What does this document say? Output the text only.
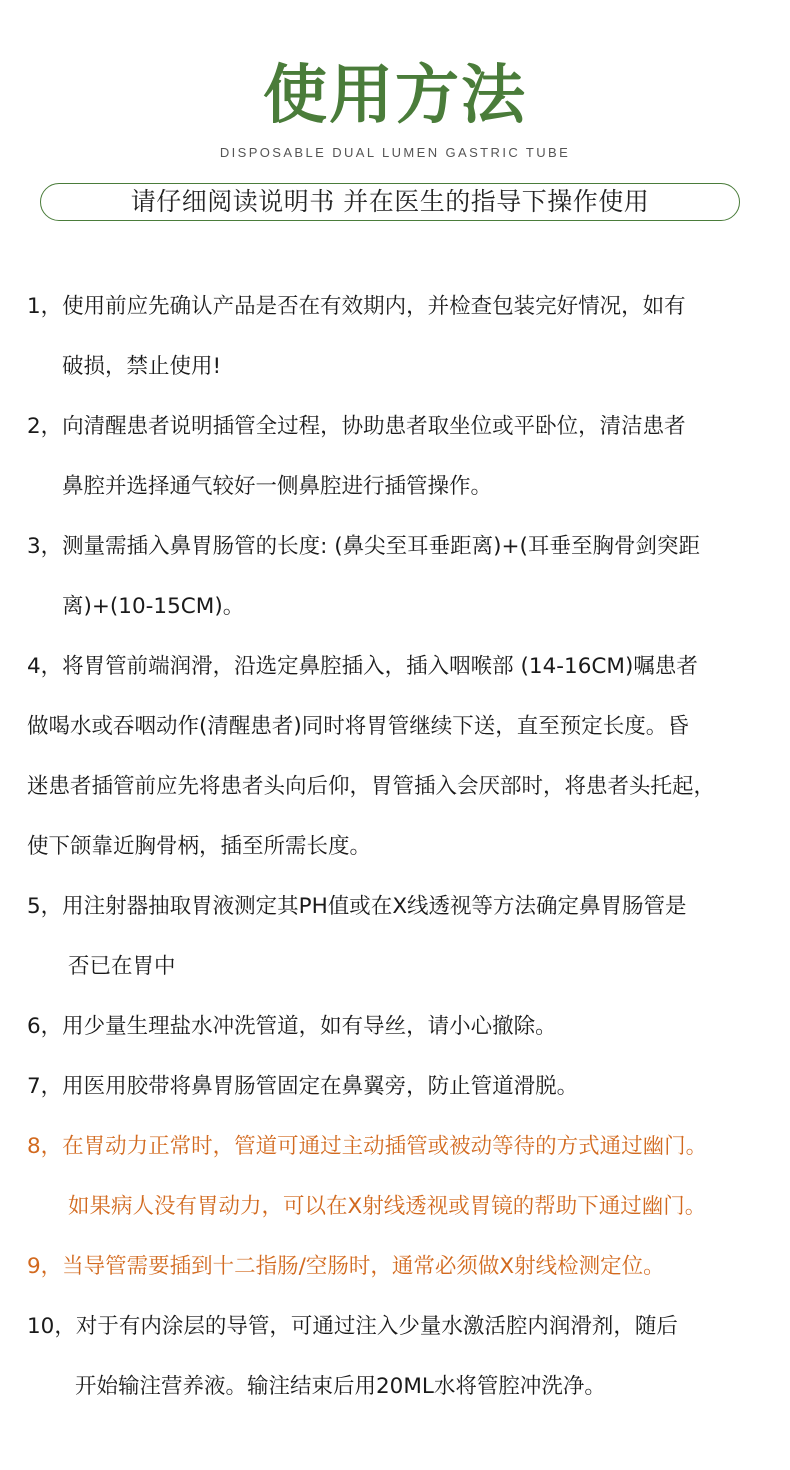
使用方法
DISPOSABLE DUAL LUMEN GASTRIC TUBE
请仔细阅读说明书 并在医生的指导下操作使用
1，使用前应先确认产品是否在有效期内，并检查包装完好情况，如有
破损，禁止使用!
2，向清醒患者说明插管全过程，协助患者取坐位或平卧位，清洁患者
鼻腔并选择通气较好一侧鼻腔进行插管操作。
3，测量需插入鼻胃肠管的长度: (鼻尖至耳垂距离)+(耳垂至胸骨剑突距
离)+(10-15CM)。
4，将胃管前端润滑，沿选定鼻腔插入，插入咽喉部 (14-16CM)嘱患者
做喝水或吞咽动作(清醒患者)同时将胃管继续下送，直至预定长度。昏
迷患者插管前应先将患者头向后仰，胃管插入会厌部时，将患者头托起，
使下颌靠近胸骨柄，插至所需长度。
5，用注射器抽取胃液测定其PH值或在X线透视等方法确定鼻胃肠管是
否已在胃中
6，用少量生理盐水冲洗管道，如有导丝，请小心撤除。
7，用医用胶带将鼻胃肠管固定在鼻翼旁，防止管道滑脱。
8，在胃动力正常时，管道可通过主动插管或被动等待的方式通过幽门。
如果病人没有胃动力，可以在X射线透视或胃镜的帮助下通过幽门。
9，当导管需要插到十二指肠/空肠时，通常必须做X射线检测定位。
10，对于有内涂层的导管，可通过注入少量水激活腔内润滑剂，随后
开始输注营养液。输注结束后用20ML水将管腔冲洗净。
